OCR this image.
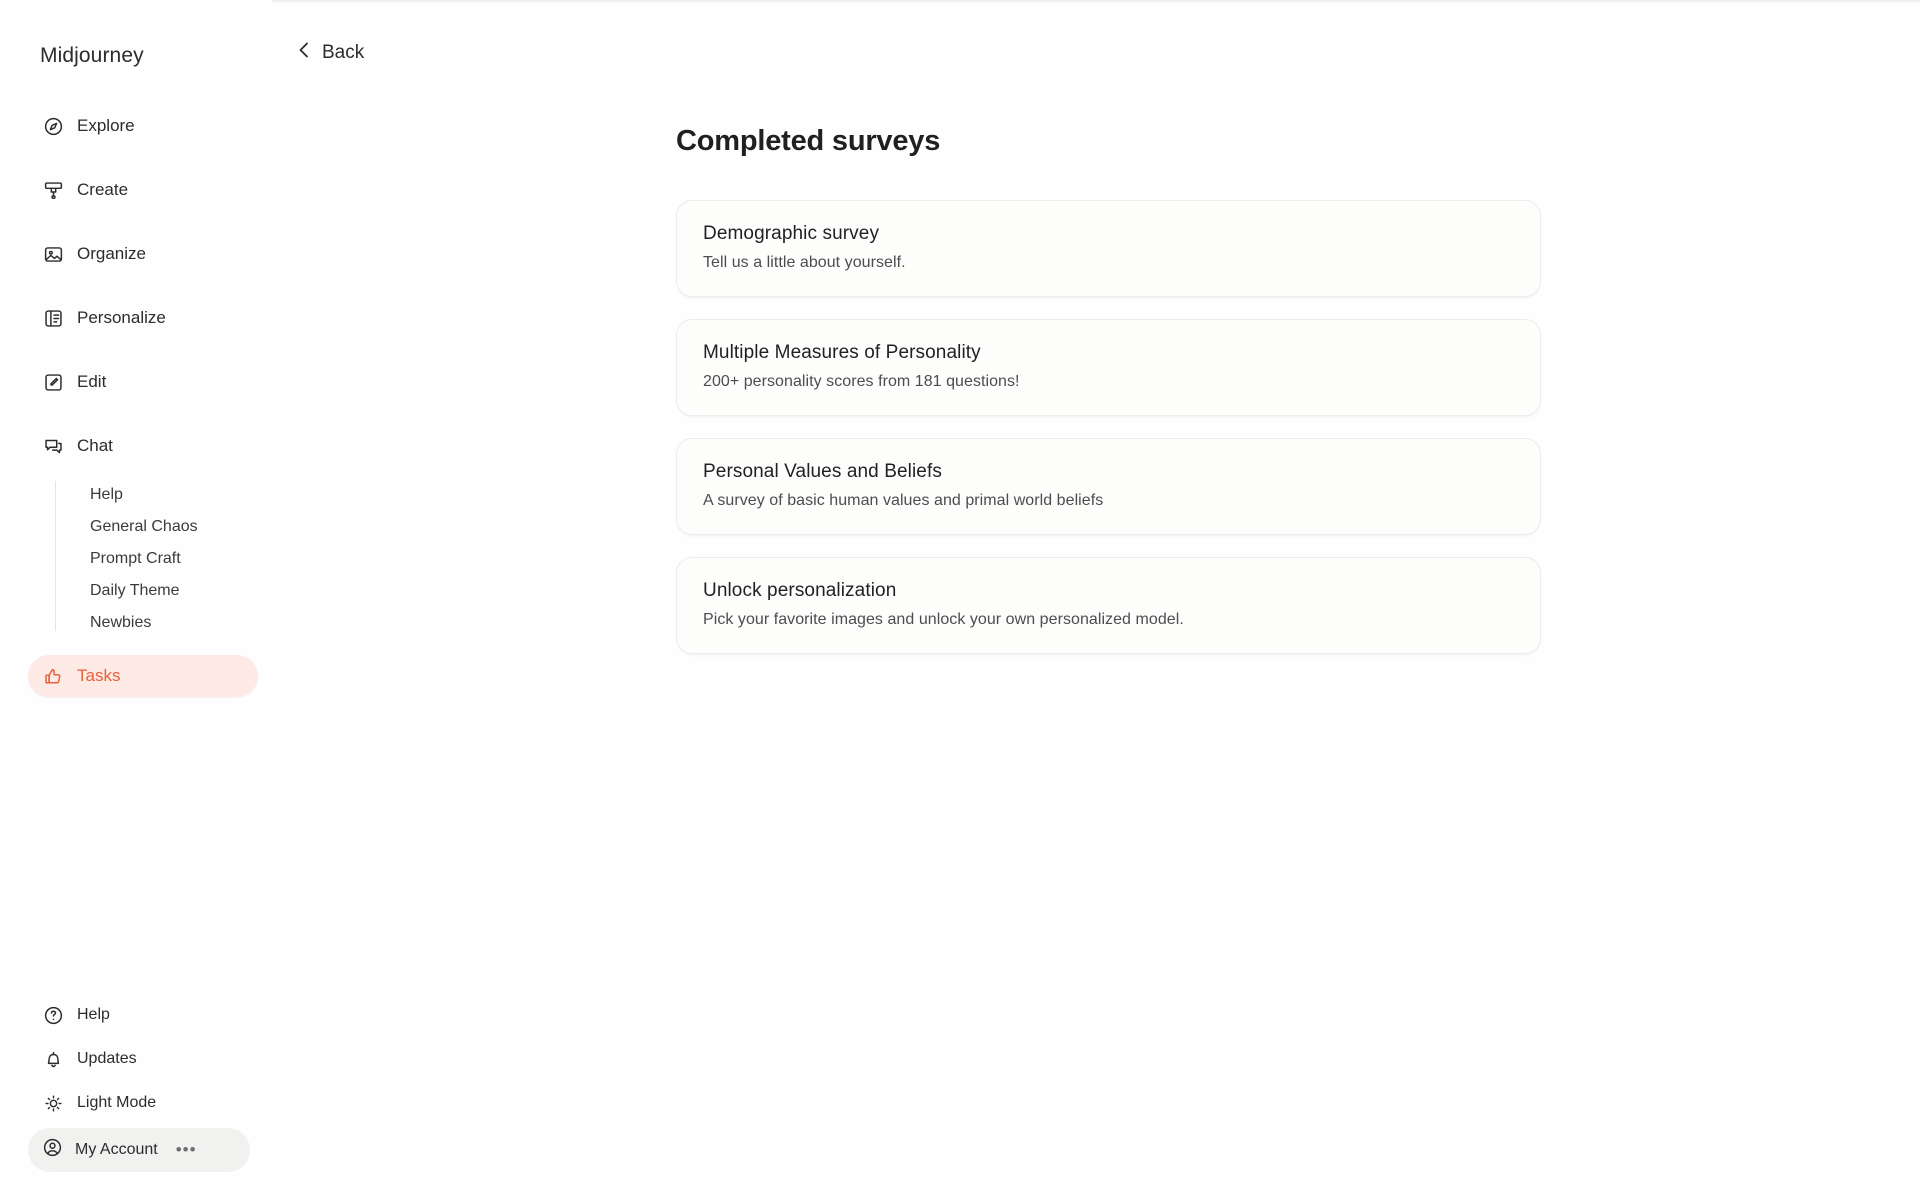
Midjourney
Explore
Create
Organize
Personalize
Edit
Chat
Help
General Chaos
Prompt Craft
Daily Theme
Newbies
Tasks
Help
Updates
Light Mode
My Account •••
Back
Completed surveys
Demographic survey
Tell us a little about yourself.
Multiple Measures of Personality
200+ personality scores from 181 questions!
Personal Values and Beliefs
A survey of basic human values and primal world beliefs
Unlock personalization
Pick your favorite images and unlock your own personalized model.
